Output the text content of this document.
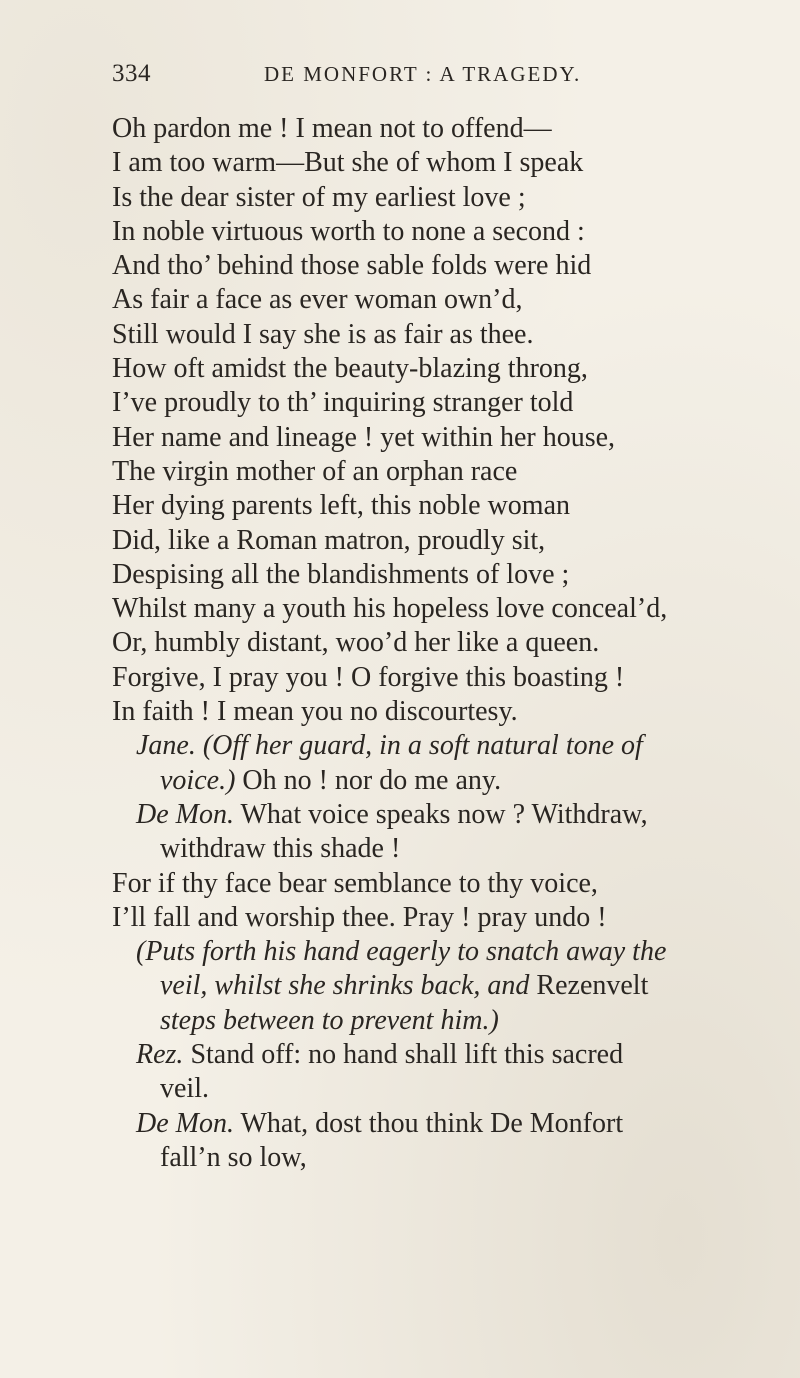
334	DE MONFORT : A TRAGEDY.
Oh pardon me ! I mean not to offend—
I am too warm—But she of whom I speak
Is the dear sister of my earliest love ;
In noble virtuous worth to none a second :
And tho’ behind those sable folds were hid
As fair a face as ever woman own’d,
Still would I say she is as fair as thee.
How oft amidst the beauty-blazing throng,
I’ve proudly to th’ inquiring stranger told
Her name and lineage ! yet within her house,
The virgin mother of an orphan race
Her dying parents left, this noble woman
Did, like a Roman matron, proudly sit,
Despising all the blandishments of love ;
Whilst many a youth his hopeless love conceal’d,
Or, humbly distant, woo’d her like a queen.
Forgive, I pray you ! O forgive this boasting !
In faith ! I mean you no discourtesy.
Jane. (Off her guard, in a soft natural tone of
voice.) Oh no ! nor do me any.
De Mon. What voice speaks now ? Withdraw,
withdraw this shade !
For if thy face bear semblance to thy voice,
I’ll fall and worship thee. Pray ! pray undo !
(Puts forth his hand eagerly to snatch away the
veil, whilst she shrinks back, and Rezenvelt
steps between to prevent him.)
Rez. Stand off: no hand shall lift this sacred
veil.
De Mon. What, dost thou think De Monfort
fall’n so low,
